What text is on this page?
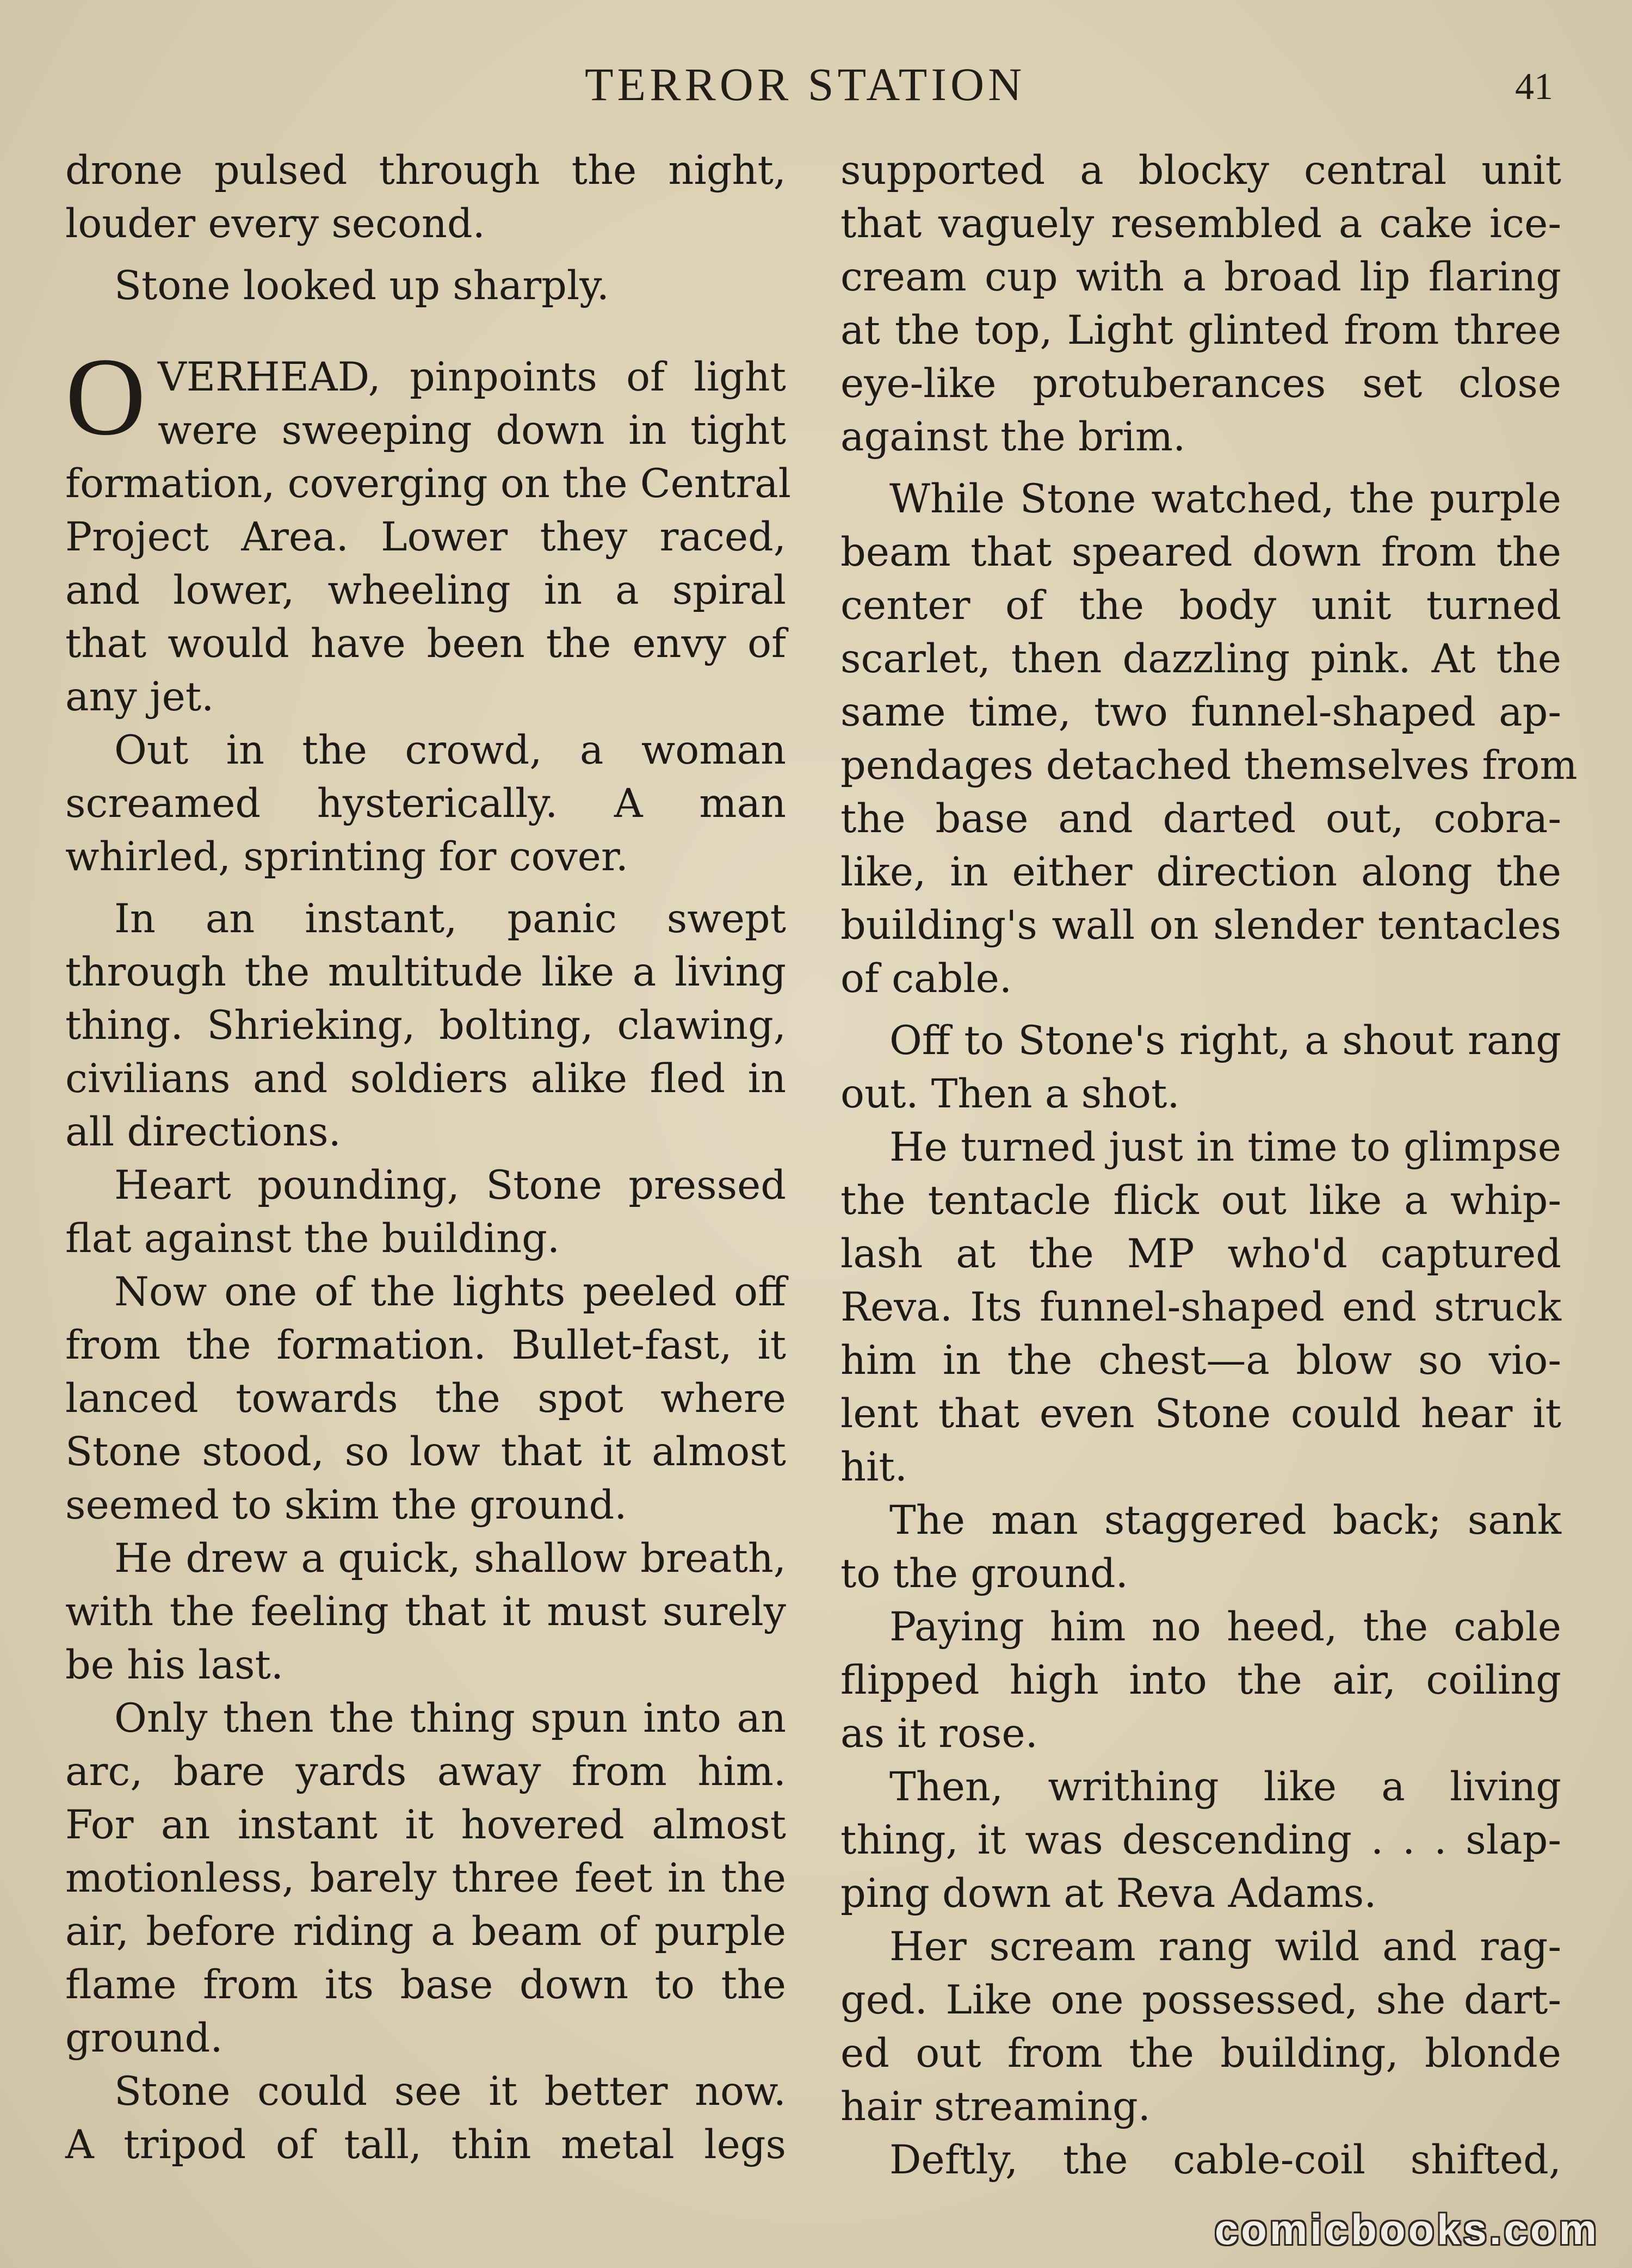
TERROR STATION	41
drone pulsed through the night,
louder every second.
Stone looked up sharply.
O VERHEAD, pinpoints of light
were sweeping down in tight
formation, coverging on the Central
Project Area. Lower they raced,
and lower, wheeling in a spiral
that would have been the envy of
any jet.
Out in the crowd, a woman
screamed hysterically. A man
whirled, sprinting for cover.
In an instant, panic swept
through the multitude like a living
thing. Shrieking, bolting, clawing,
civilians and soldiers alike fled in
all directions.
Heart pounding, Stone pressed
flat against the building.
Now one of the lights peeled off
from the formation. Bullet-fast, it
lanced towards the spot where
Stone stood, so low that it almost
seemed to skim the ground.
He drew a quick, shallow breath,
with the feeling that it must surely
be his last.
Only then the thing spun into an
arc, bare yards away from him.
For an instant it hovered almost
motionless, barely three feet in the
air, before riding a beam of purple
flame from its base down to the
ground.
Stone could see it better now.
A tripod of tall, thin metal legs
supported a blocky central unit
that vaguely resembled a cake ice-
cream cup with a broad lip flaring
at the top, Light glinted from three
eye-like protuberances set close
against the brim.
While Stone watched, the purple
beam that speared down from the
center of the body unit turned
scarlet, then dazzling pink. At the
same time, two funnel-shaped ap-
pendages detached themselves from
the base and darted out, cobra-
like, in either direction along the
building's wall on slender tentacles
of cable.
Off to Stone's right, a shout rang
out. Then a shot.
He turned just in time to glimpse
the tentacle flick out like a whip-
lash at the MP who'd captured
Reva. Its funnel-shaped end struck
him in the chest—a blow so vio-
lent that even Stone could hear it
hit.
The man staggered back; sank
to the ground.
Paying him no heed, the cable
flipped high into the air, coiling
as it rose.
Then, writhing like a living
thing, it was descending . . . slap-
ping down at Reva Adams.
Her scream rang wild and rag-
ged. Like one possessed, she dart-
ed out from the building, blonde
hair streaming.
Deftly, the cable-coil shifted,
comicbooks.com
